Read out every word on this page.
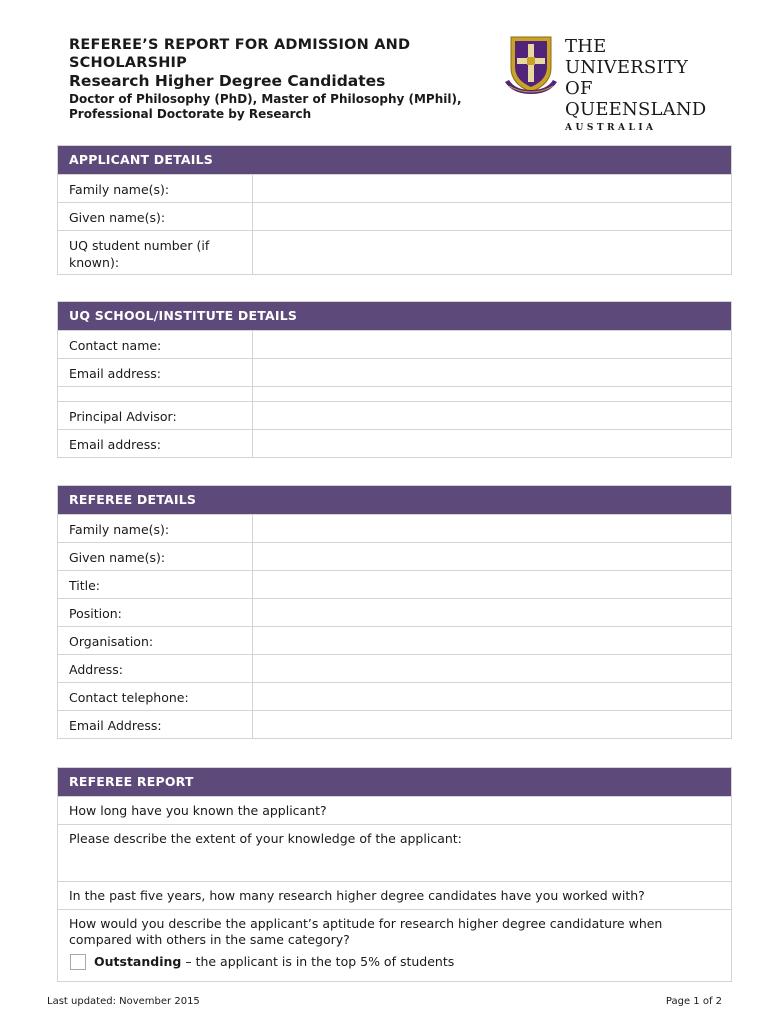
REFEREE’S REPORT FOR ADMISSION AND SCHOLARSHIP
Research Higher Degree Candidates
Doctor of Philosophy (PhD), Master of Philosophy (MPhil), Professional Doctorate by Research
THE UNIVERSITY
OF QUEENSLAND
AUSTRALIA
APPLICANT DETAILS
Family name(s):
Given name(s):
UQ student number (if known):
UQ SCHOOL/INSTITUTE DETAILS
Contact name:
Email address:
Principal Advisor:
Email address:
REFEREE DETAILS
Family name(s):
Given name(s):
Title:
Position:
Organisation:
Address:
Contact telephone:
Email Address:
REFEREE REPORT
How long have you known the applicant?
Please describe the extent of your knowledge of the applicant:
In the past five years, how many research higher degree candidates have you worked with?
How would you describe the applicant’s aptitude for research higher degree candidature when compared with others in the same category?
Outstanding – the applicant is in the top 5% of students
Last updated: November 2015	Page 1 of 2
